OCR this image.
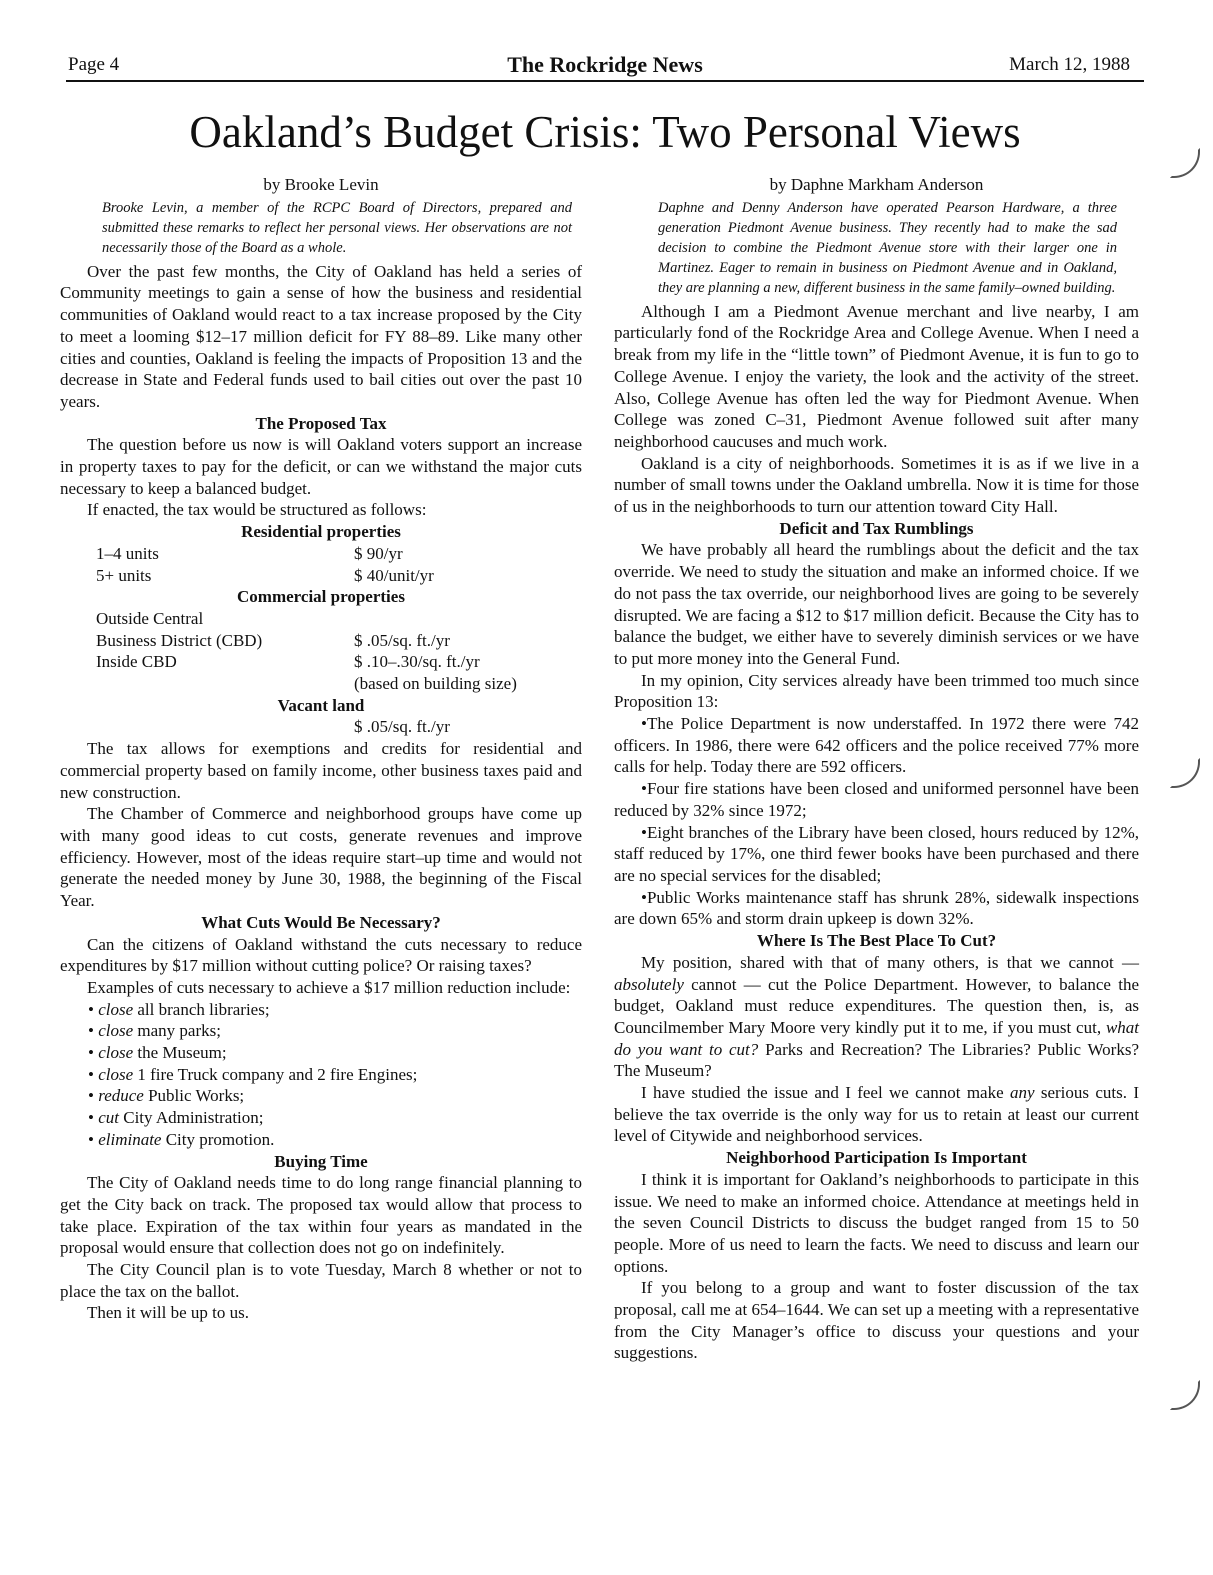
Page 4	The Rockridge News	March 12, 1988
Oakland’s Budget Crisis: Two Personal Views
by Brooke Levin
Brooke Levin, a member of the RCPC Board of Directors, prepared and submitted these remarks to reflect her personal views. Her observations are not necessarily those of the Board as a whole.

Over the past few months, the City of Oakland has held a series of Community meetings to gain a sense of how the business and residential communities of Oakland would react to a tax increase proposed by the City to meet a looming $12–17 million deficit for FY 88–89. Like many other cities and counties, Oakland is feeling the impacts of Proposition 13 and the decrease in State and Federal funds used to bail cities out over the past 10 years.

The Proposed Tax

The question before us now is will Oakland voters support an increase in property taxes to pay for the deficit, or can we withstand the major cuts necessary to keep a balanced budget.

If enacted, the tax would be structured as follows:

Residential properties
1–4 units	$ 90/yr
5+ units	$ 40/unit/yr
Commercial properties
Outside Central
Business District (CBD)	$ .05/sq. ft./yr
Inside CBD	$ .10–.30/sq. ft./yr
(based on building size)
Vacant land
$ .05/sq. ft./yr

The tax allows for exemptions and credits for residential and commercial property based on family income, other business taxes paid and new construction.

The Chamber of Commerce and neighborhood groups have come up with many good ideas to cut costs, generate revenues and improve efficiency. However, most of the ideas require start–up time and would not generate the needed money by June 30, 1988, the beginning of the Fiscal Year.

What Cuts Would Be Necessary?

Can the citizens of Oakland withstand the cuts necessary to reduce expenditures by $17 million without cutting police? Or raising taxes?

Examples of cuts necessary to achieve a $17 million reduction include:

• close all branch libraries;
• close many parks;
• close the Museum;
• close 1 fire Truck company and 2 fire Engines;
• reduce Public Works;
• cut City Administration;
• eliminate City promotion.
Buying Time

The City of Oakland needs time to do long range financial planning to get the City back on track. The proposed tax would allow that process to take place. Expiration of the tax within four years as mandated in the proposal would ensure that collection does not go on indefinitely.

The City Council plan is to vote Tuesday, March 8 whether or not to place the tax on the ballot.

Then it will be up to us.

by Daphne Markham Anderson
Daphne and Denny Anderson have operated Pearson Hardware, a three generation Piedmont Avenue business. They recently had to make the sad decision to combine the Piedmont Avenue store with their larger one in Martinez. Eager to remain in business on Piedmont Avenue and in Oakland, they are planning a new, different business in the same family–owned building.

Although I am a Piedmont Avenue merchant and live nearby, I am particularly fond of the Rockridge Area and College Avenue. When I need a break from my life in the “little town” of Piedmont Avenue, it is fun to go to College Avenue. I enjoy the variety, the look and the activity of the street. Also, College Avenue has often led the way for Piedmont Avenue. When College was zoned C–31, Piedmont Avenue followed suit after many neighborhood caucuses and much work.

Oakland is a city of neighborhoods. Sometimes it is as if we live in a number of small towns under the Oakland umbrella. Now it is time for those of us in the neighborhoods to turn our attention toward City Hall.

Deficit and Tax Rumblings

We have probably all heard the rumblings about the deficit and the tax override. We need to study the situation and make an informed choice. If we do not pass the tax override, our neighborhood lives are going to be severely disrupted. We are facing a $12 to $17 million deficit. Because the City has to balance the budget, we either have to severely diminish services or we have to put more money into the General Fund.

In my opinion, City services already have been trimmed too much since Proposition 13:

•The Police Department is now understaffed. In 1972 there were 742 officers. In 1986, there were 642 officers and the police received 77% more calls for help. Today there are 592 officers.

•Four fire stations have been closed and uniformed personnel have been reduced by 32% since 1972;

•Eight branches of the Library have been closed, hours reduced by 12%, staff reduced by 17%, one third fewer books have been purchased and there are no special services for the disabled;

•Public Works maintenance staff has shrunk 28%, sidewalk inspections are down 65% and storm drain upkeep is down 32%.

Where Is The Best Place To Cut?

My position, shared with that of many others, is that we cannot — absolutely cannot — cut the Police Department. However, to balance the budget, Oakland must reduce expenditures. The question then, is, as Councilmember Mary Moore very kindly put it to me, if you must cut, what do you want to cut? Parks and Recreation? The Libraries? Public Works? The Museum?

I have studied the issue and I feel we cannot make any serious cuts. I believe the tax override is the only way for us to retain at least our current level of Citywide and neighborhood services.

Neighborhood Participation Is Important

I think it is important for Oakland’s neighborhoods to participate in this issue. We need to make an informed choice. Attendance at meetings held in the seven Council Districts to discuss the budget ranged from 15 to 50 people. More of us need to learn the facts. We need to discuss and learn our options.

If you belong to a group and want to foster discussion of the tax proposal, call me at 654–1644. We can set up a meeting with a representative from the City Manager’s office to discuss your questions and your suggestions.
